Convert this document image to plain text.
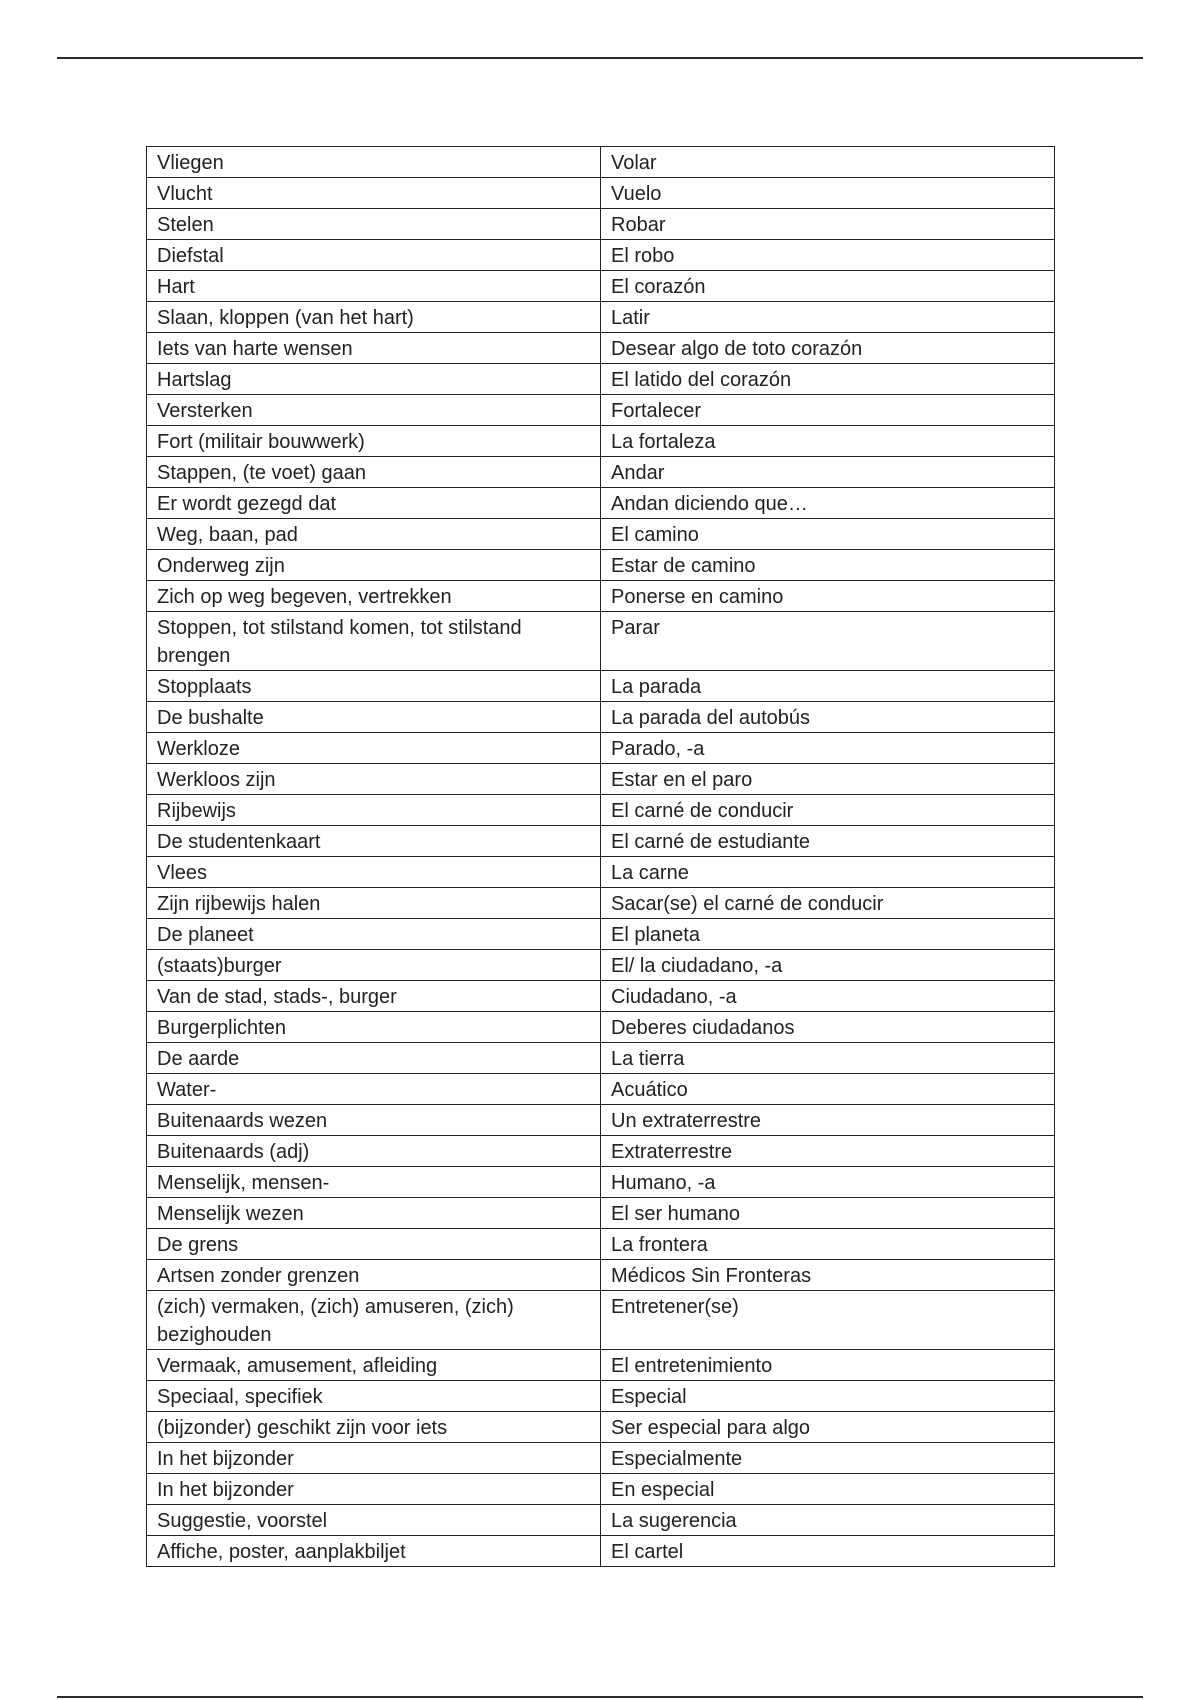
Vliegen	Volar
Vlucht	Vuelo
Stelen	Robar
Diefstal	El robo
Hart	El corazón
Slaan, kloppen (van het hart)	Latir
Iets van harte wensen	Desear algo de toto corazón
Hartslag	El latido del corazón
Versterken	Fortalecer
Fort (militair bouwwerk)	La fortaleza
Stappen, (te voet) gaan	Andar
Er wordt gezegd dat	Andan diciendo que…
Weg, baan, pad	El camino
Onderweg zijn	Estar de camino
Zich op weg begeven, vertrekken	Ponerse en camino
Stoppen, tot stilstand komen, tot stilstand brengen	Parar
Stopplaats	La parada
De bushalte	La parada del autobús
Werkloze	Parado, -a
Werkloos zijn	Estar en el paro
Rijbewijs	El carné de conducir
De studentenkaart	El carné de estudiante
Vlees	La carne
Zijn rijbewijs halen	Sacar(se) el carné de conducir
De planeet	El planeta
(staats)burger	El/ la ciudadano, -a
Van de stad, stads-, burger	Ciudadano, -a
Burgerplichten	Deberes ciudadanos
De aarde	La tierra
Water-	Acuático
Buitenaards wezen	Un extraterrestre
Buitenaards (adj)	Extraterrestre
Menselijk, mensen-	Humano, -a
Menselijk wezen	El ser humano
De grens	La frontera
Artsen zonder grenzen	Médicos Sin Fronteras
(zich) vermaken, (zich) amuseren, (zich) bezighouden	Entretener(se)
Vermaak, amusement, afleiding	El entretenimiento
Speciaal, specifiek	Especial
(bijzonder) geschikt zijn voor iets	Ser especial para algo
In het bijzonder	Especialmente
In het bijzonder	En especial
Suggestie, voorstel	La sugerencia
Affiche, poster, aanplakbiljet	El cartel
